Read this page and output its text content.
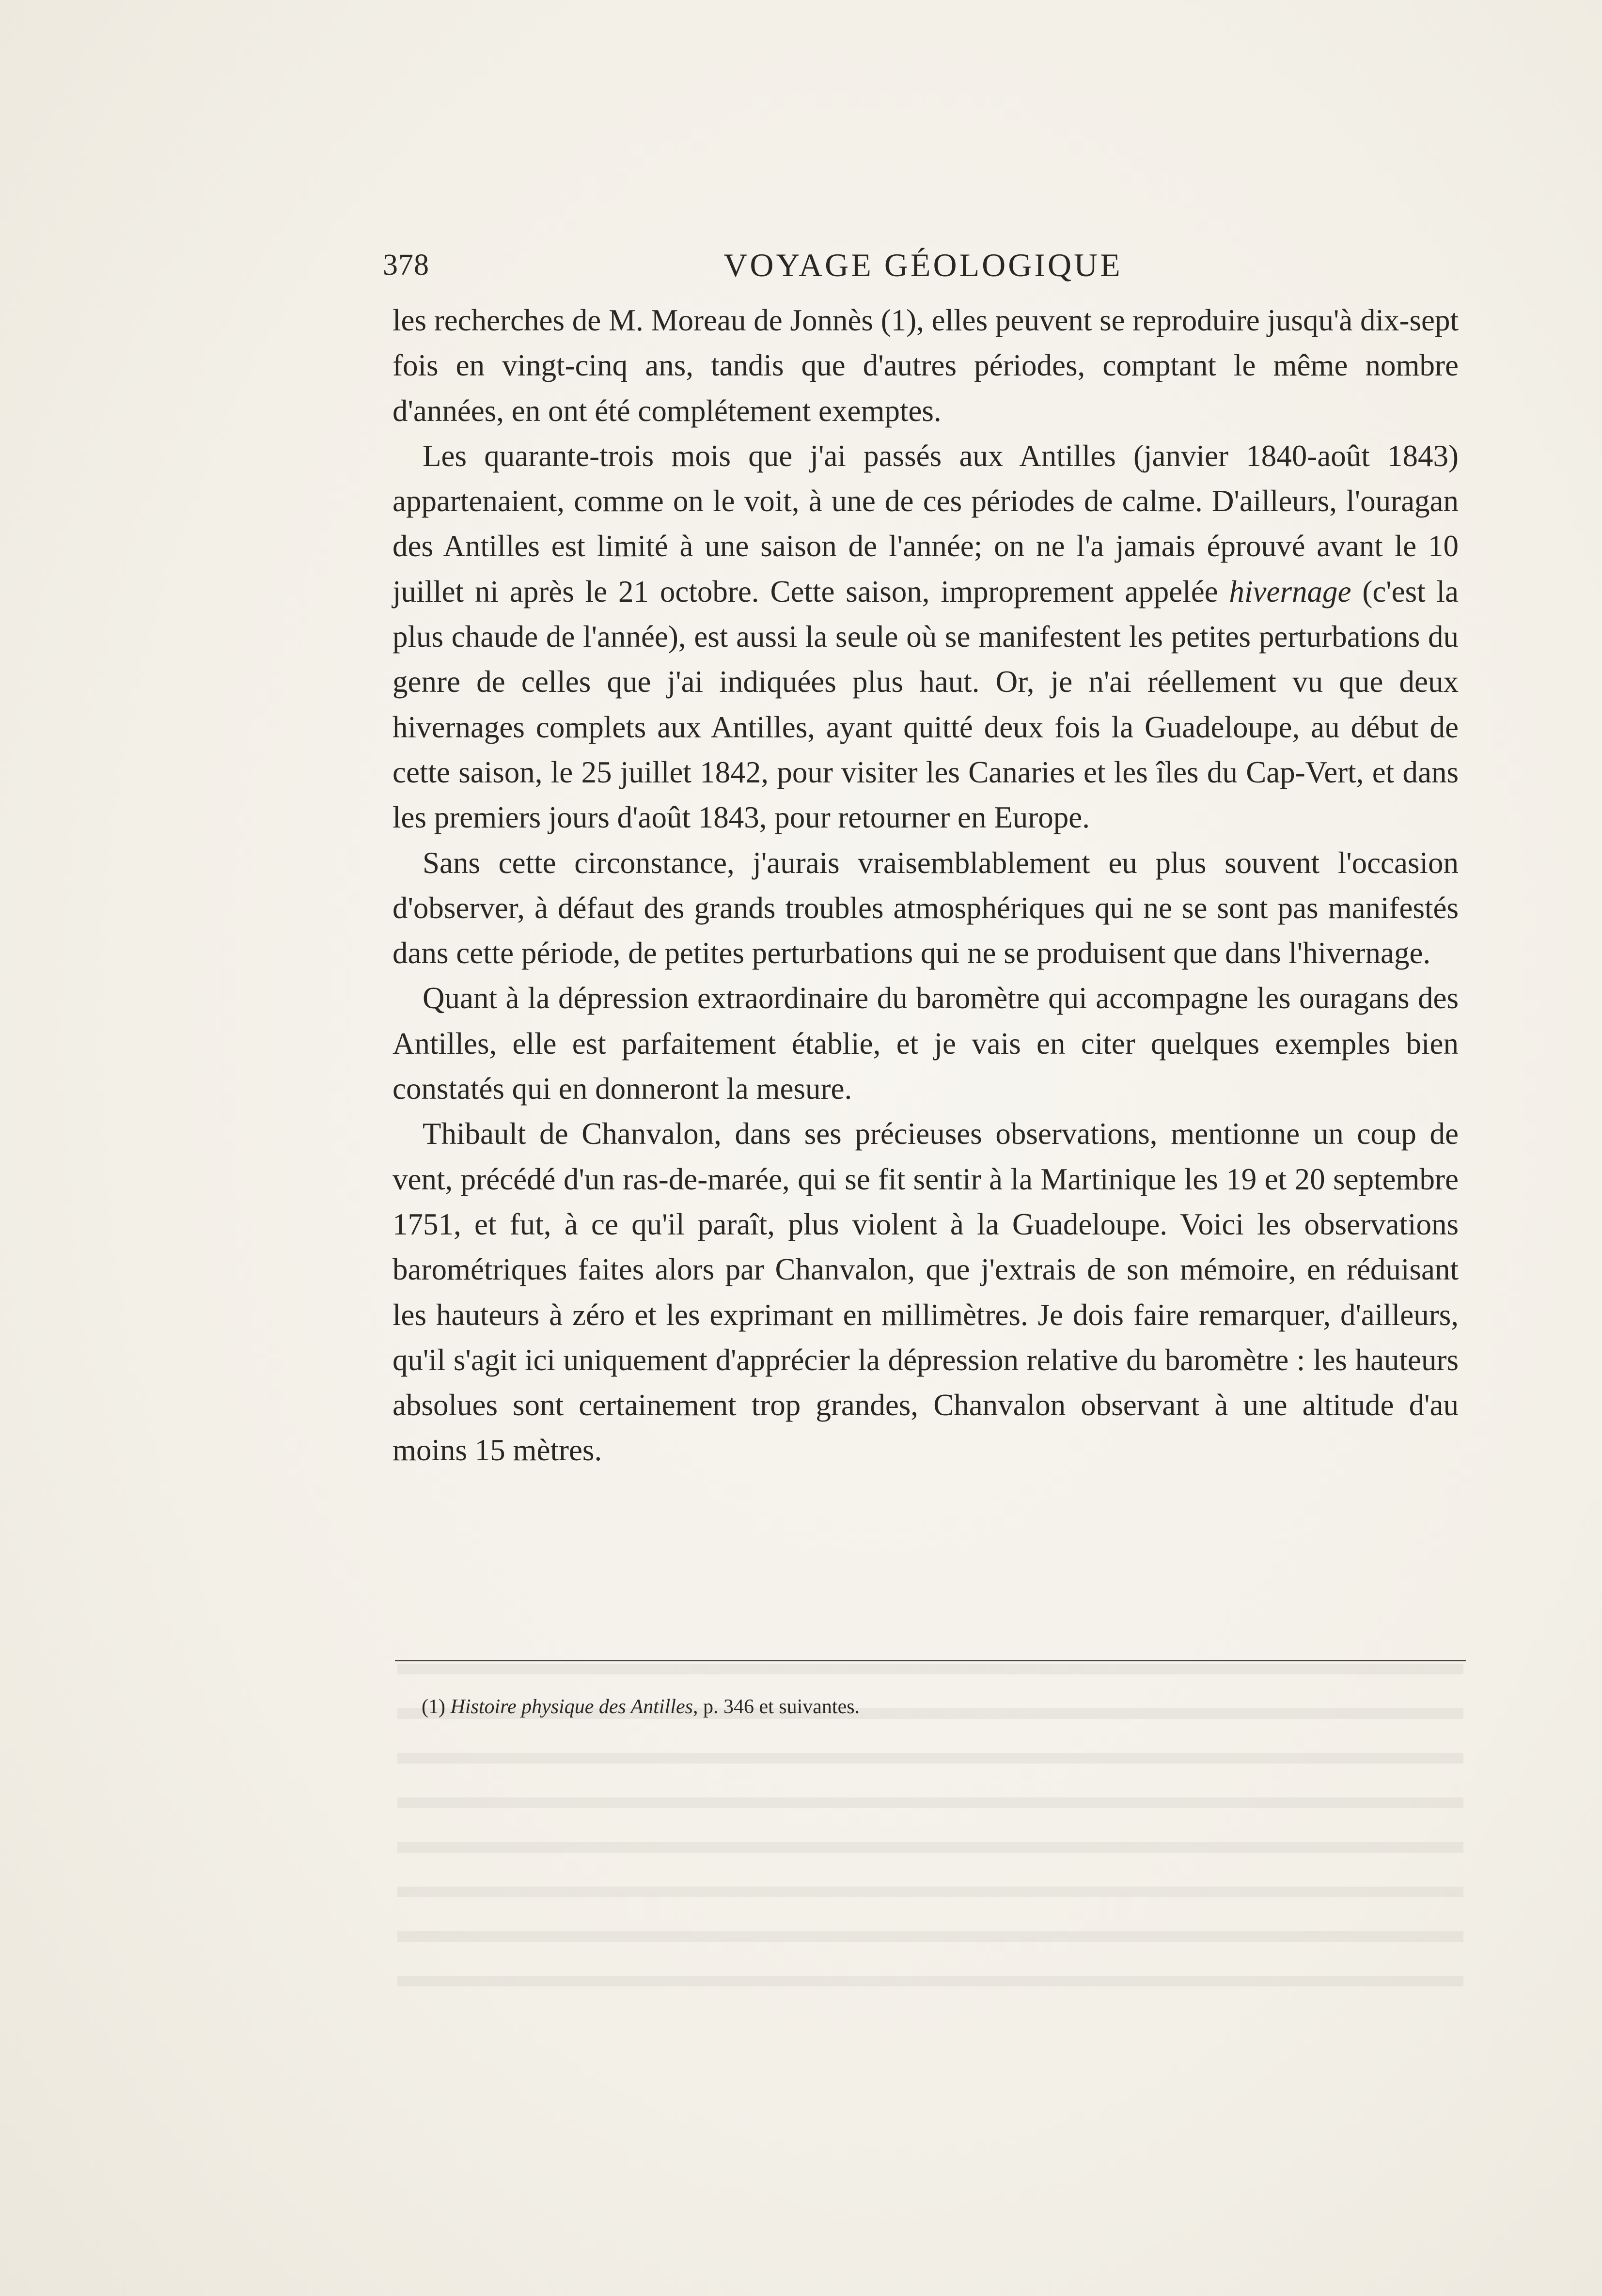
378	VOYAGE GÉOLOGIQUE

les recherches de M. Moreau de Jonnès (1), elles peuvent se reproduire jusqu'à dix-sept fois en vingt-cinq ans, tandis que d'autres périodes, comptant le même nombre d'années, en ont été complétement exemptes.

Les quarante-trois mois que j'ai passés aux Antilles (janvier 1840-août 1843) appartenaient, comme on le voit, à une de ces périodes de calme. D'ailleurs, l'ouragan des Antilles est limité à une saison de l'année; on ne l'a jamais éprouvé avant le 10 juillet ni après le 21 octobre. Cette saison, improprement appelée hivernage (c'est la plus chaude de l'année), est aussi la seule où se manifestent les petites perturbations du genre de celles que j'ai indiquées plus haut. Or, je n'ai réellement vu que deux hivernages complets aux Antilles, ayant quitté deux fois la Guadeloupe, au début de cette saison, le 25 juillet 1842, pour visiter les Canaries et les îles du Cap-Vert, et dans les premiers jours d'août 1843, pour retourner en Europe.

Sans cette circonstance, j'aurais vraisemblablement eu plus souvent l'occasion d'observer, à défaut des grands troubles atmosphériques qui ne se sont pas manifestés dans cette période, de petites perturbations qui ne se produisent que dans l'hivernage.

Quant à la dépression extraordinaire du baromètre qui accompagne les ouragans des Antilles, elle est parfaitement établie, et je vais en citer quelques exemples bien constatés qui en donneront la mesure.

Thibault de Chanvalon, dans ses précieuses observations, mentionne un coup de vent, précédé d'un ras-de-marée, qui se fit sentir à la Martinique les 19 et 20 septembre 1751, et fut, à ce qu'il paraît, plus violent à la Guadeloupe. Voici les observations barométriques faites alors par Chanvalon, que j'extrais de son mémoire, en réduisant les hauteurs à zéro et les exprimant en millimètres. Je dois faire remarquer, d'ailleurs, qu'il s'agit ici uniquement d'apprécier la dépression relative du baromètre : les hauteurs absolues sont certainement trop grandes, Chanvalon observant à une altitude d'au moins 15 mètres.

(1) Histoire physique des Antilles, p. 346 et suivantes.
